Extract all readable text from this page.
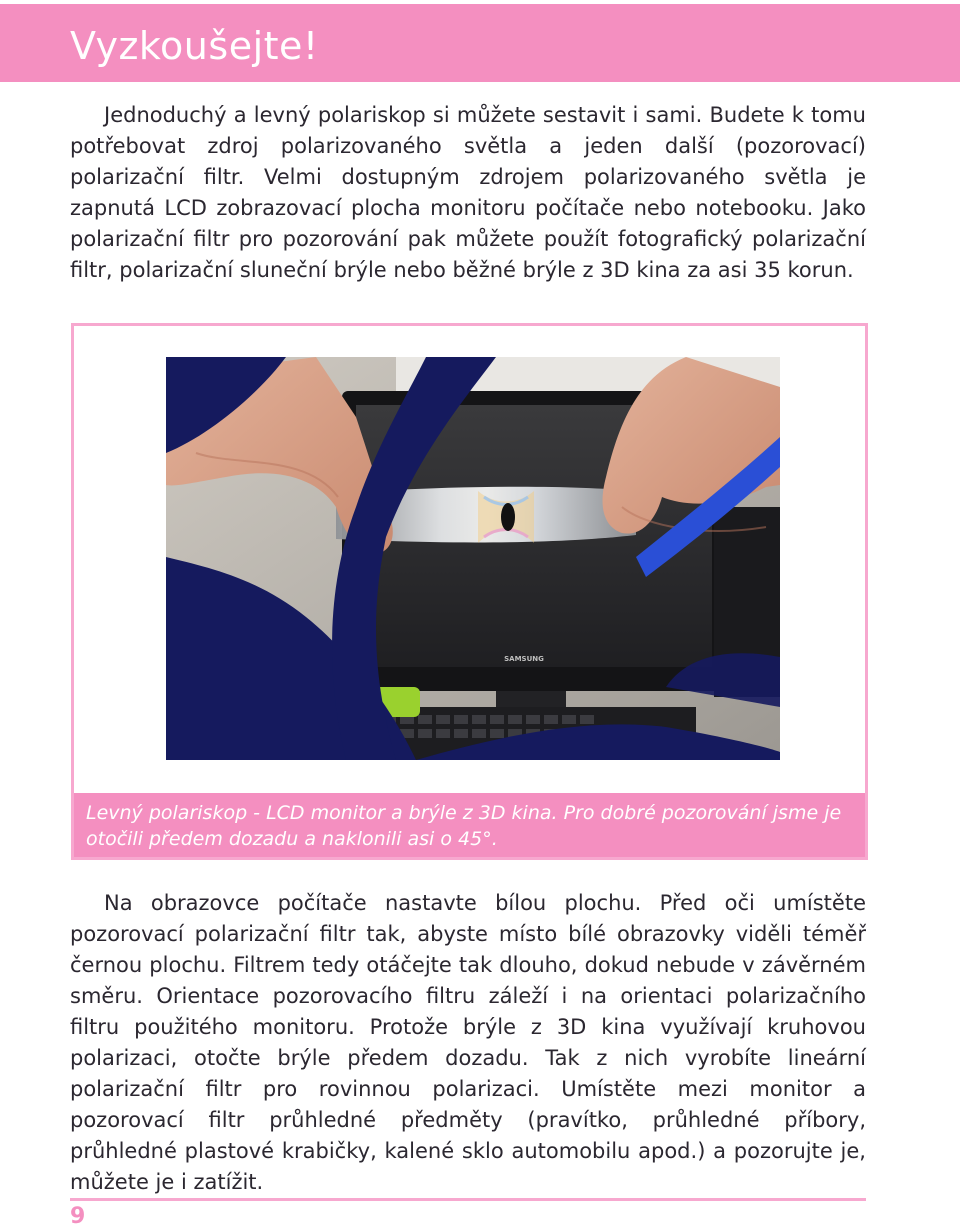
Vyzkoušejte!

Jednoduchý a levný polariskop si můžete sestavit i sami. Budete k tomu potřebovat zdroj polarizovaného světla a jeden další (pozorovací) polarizační filtr. Velmi dostupným zdrojem polarizovaného světla je zapnutá LCD zobrazovací plocha monitoru počítače nebo notebooku. Jako polarizační filtr pro pozorování pak můžete použít fotografický polarizační filtr, polarizační sluneční brýle nebo běžné brýle z 3D kina za asi 35 korun.

SAMSUNG

Levný polariskop - LCD monitor a brýle z 3D kina. Pro dobré pozorování jsme je otočili předem dozadu a naklonili asi o 45°.

Na obrazovce počítače nastavte bílou plochu. Před oči umístěte pozorovací polarizační filtr tak, abyste místo bílé obrazovky viděli téměř černou plochu. Filtrem tedy otáčejte tak dlouho, dokud nebude v závěrném směru. Orientace pozorovacího filtru záleží i na orientaci polarizačního filtru použitého monitoru. Protože brýle z 3D kina využívají kruhovou polarizaci, otočte brýle předem dozadu. Tak z nich vyrobíte lineární polarizační filtr pro rovinnou polarizaci. Umístěte mezi monitor a pozorovací filtr průhledné předměty (pravítko, průhledné příbory, průhledné plastové krabičky, kalené sklo automobilu apod.) a pozorujte je, můžete je i zatížit.

9
